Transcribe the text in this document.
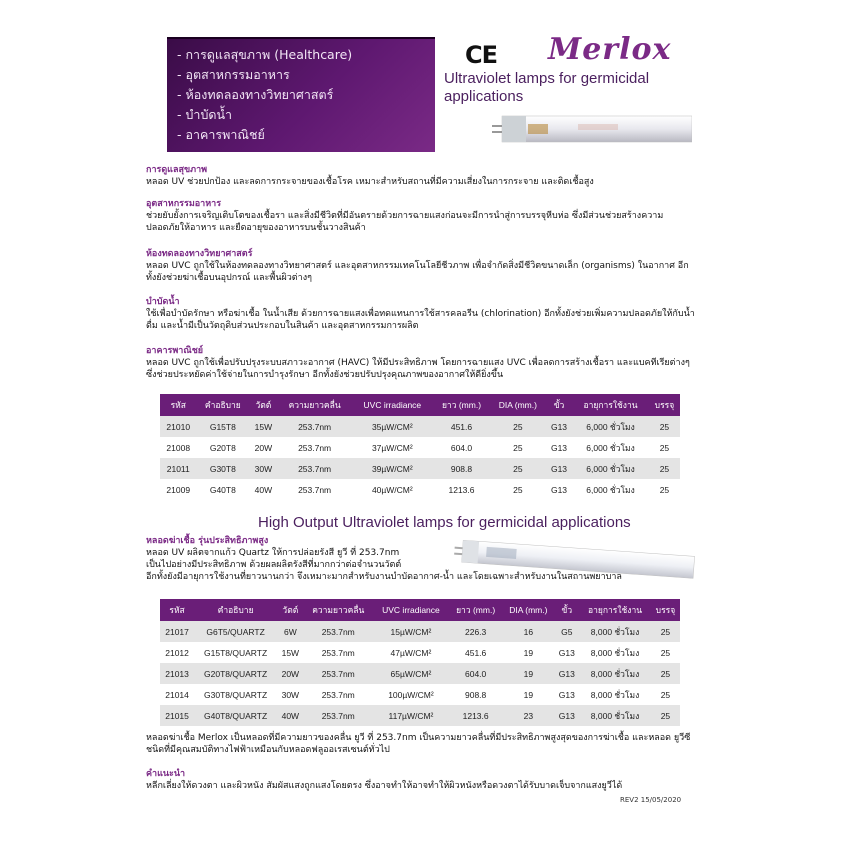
- การดูแลสุขภาพ (Healthcare)
- อุตสาหกรรมอาหาร
- ห้องทดลองทางวิทยาศาสตร์
- บำบัดน้ำ
- อาคารพาณิชย์
CE Merlox
Ultraviolet lamps for germicidal applications
การดูแลสุขภาพ

หลอด UV ช่วยปกป้อง และลดการกระจายของเชื้อโรค เหมาะสำหรับสถานที่มีความเสี่ยงในการกระจาย และติดเชื้อสูง

อุตสาหกรรมอาหาร

ช่วยยับยั้งการเจริญเติบโตของเชื้อรา และสิ่งมีชีวิตที่มีอันตรายด้วยการฉายแสงก่อนจะมีการนำสู่การบรรจุหีบห่อ ซึ่งมีส่วนช่วยสร้างความปลอดภัยให้อาหาร และยืดอายุของอาหารบนชั้นวางสินค้า

ห้องทดลองทางวิทยาศาสตร์

หลอด UVC ถูกใช้ในห้องทดลองทางวิทยาศาสตร์ และอุตสาหกรรมเทคโนโลยีชีวภาพ เพื่อจำกัดสิ่งมีชีวิตขนาดเล็ก (organisms) ในอากาศ อีกทั้งยังช่วยฆ่าเชื้อบนอุปกรณ์ และพื้นผิวต่างๆ

บำบัดน้ำ

ใช้เพื่อบำบัดรักษา หรือฆ่าเชื้อ ในน้ำเสีย ด้วยการฉายแสงเพื่อทดแทนการใช้สารคลอรีน (chlorination) อีกทั้งยังช่วยเพิ่มความปลอดภัยให้กับน้ำดื่ม และน้ำมีเป็นวัตถุดิบส่วนประกอบในสินค้า และอุตสาหกรรมการผลิต

อาคารพาณิชย์

หลอด UVC ถูกใช้เพื่อปรับปรุงระบบสภาวะอากาศ (HAVC) ให้มีประสิทธิภาพ โดยการฉายแสง UVC เพื่อลดการสร้างเชื้อรา และแบคทีเรียต่างๆ ซึ่งช่วยประหยัดค่าใช้จ่ายในการบำรุงรักษา อีกทั้งยังช่วยปรับปรุงคุณภาพของอากาศให้ดียิ่งขึ้น

รหัส	คำอธิบาย	วัตต์	ความยาวคลื่น	UVC irradiance	ยาว (mm.)	DIA (mm.)	ขั้ว	อายุการใช้งาน	บรรจุ
21010	G15T8	15W	253.7nm	35µW/CM²	451.6	25	G13	6,000 ชั่วโมง	25
21008	G20T8	20W	253.7nm	37µW/CM²	604.0	25	G13	6,000 ชั่วโมง	25
21011	G30T8	30W	253.7nm	39µW/CM²	908.8	25	G13	6,000 ชั่วโมง	25
21009	G40T8	40W	253.7nm	40µW/CM²	1213.6	25	G13	6,000 ชั่วโมง	25
High Output Ultraviolet lamps for germicidal applications
หลอดฆ่าเชื้อ รุ่นประสิทธิภาพสูง

หลอด UV ผลิตจากแก้ว Quartz ให้การปล่อยรังสี ยูวี ที่ 253.7nm

เป็นไปอย่างมีประสิทธิภาพ ด้วยผลผลิตรังสีที่มากกว่าต่อจำนวนวัตต์

อีกทั้งยังมีอายุการใช้งานที่ยาวนานกว่า จึงเหมาะมากสำหรับงานบำบัดอากาศ-น้ำ และโดยเฉพาะสำหรับงานในสถานพยาบาล

รหัส	คำอธิบาย	วัตต์	ความยาวคลื่น	UVC irradiance	ยาว (mm.)	DIA (mm.)	ขั้ว	อายุการใช้งาน	บรรจุ
21017	G6T5/QUARTZ	6W	253.7nm	15µW/CM²	226.3	16	G5	8,000 ชั่วโมง	25
21012	G15T8/QUARTZ	15W	253.7nm	47µW/CM²	451.6	19	G13	8,000 ชั่วโมง	25
21013	G20T8/QUARTZ	20W	253.7nm	65µW/CM²	604.0	19	G13	8,000 ชั่วโมง	25
21014	G30T8/QUARTZ	30W	253.7nm	100µW/CM²	908.8	19	G13	8,000 ชั่วโมง	25
21015	G40T8/QUARTZ	40W	253.7nm	117µW/CM²	1213.6	23	G13	8,000 ชั่วโมง	25

หลอดฆ่าเชื้อ Merlox เป็นหลอดที่มีความยาวของคลื่น ยูวี ที่ 253.7nm เป็นความยาวคลื่นที่มีประสิทธิภาพสูงสุดของการฆ่าเชื้อ และหลอด ยูวีซี ชนิดที่มีคุณสมบัติทางไฟฟ้าเหมือนกับหลอดฟลูออเรสเซนต์ทั่วไป

คำแนะนำ

หลีกเลี่ยงให้ดวงตา และผิวหนัง สัมผัสแสงถูกแสงโดยตรง ซึ่งอาจทำให้อาจทำให้ผิวหนังหรือดวงตาได้รับบาดเจ็บจากแสงยูวีได้

REV2 15/05/2020
